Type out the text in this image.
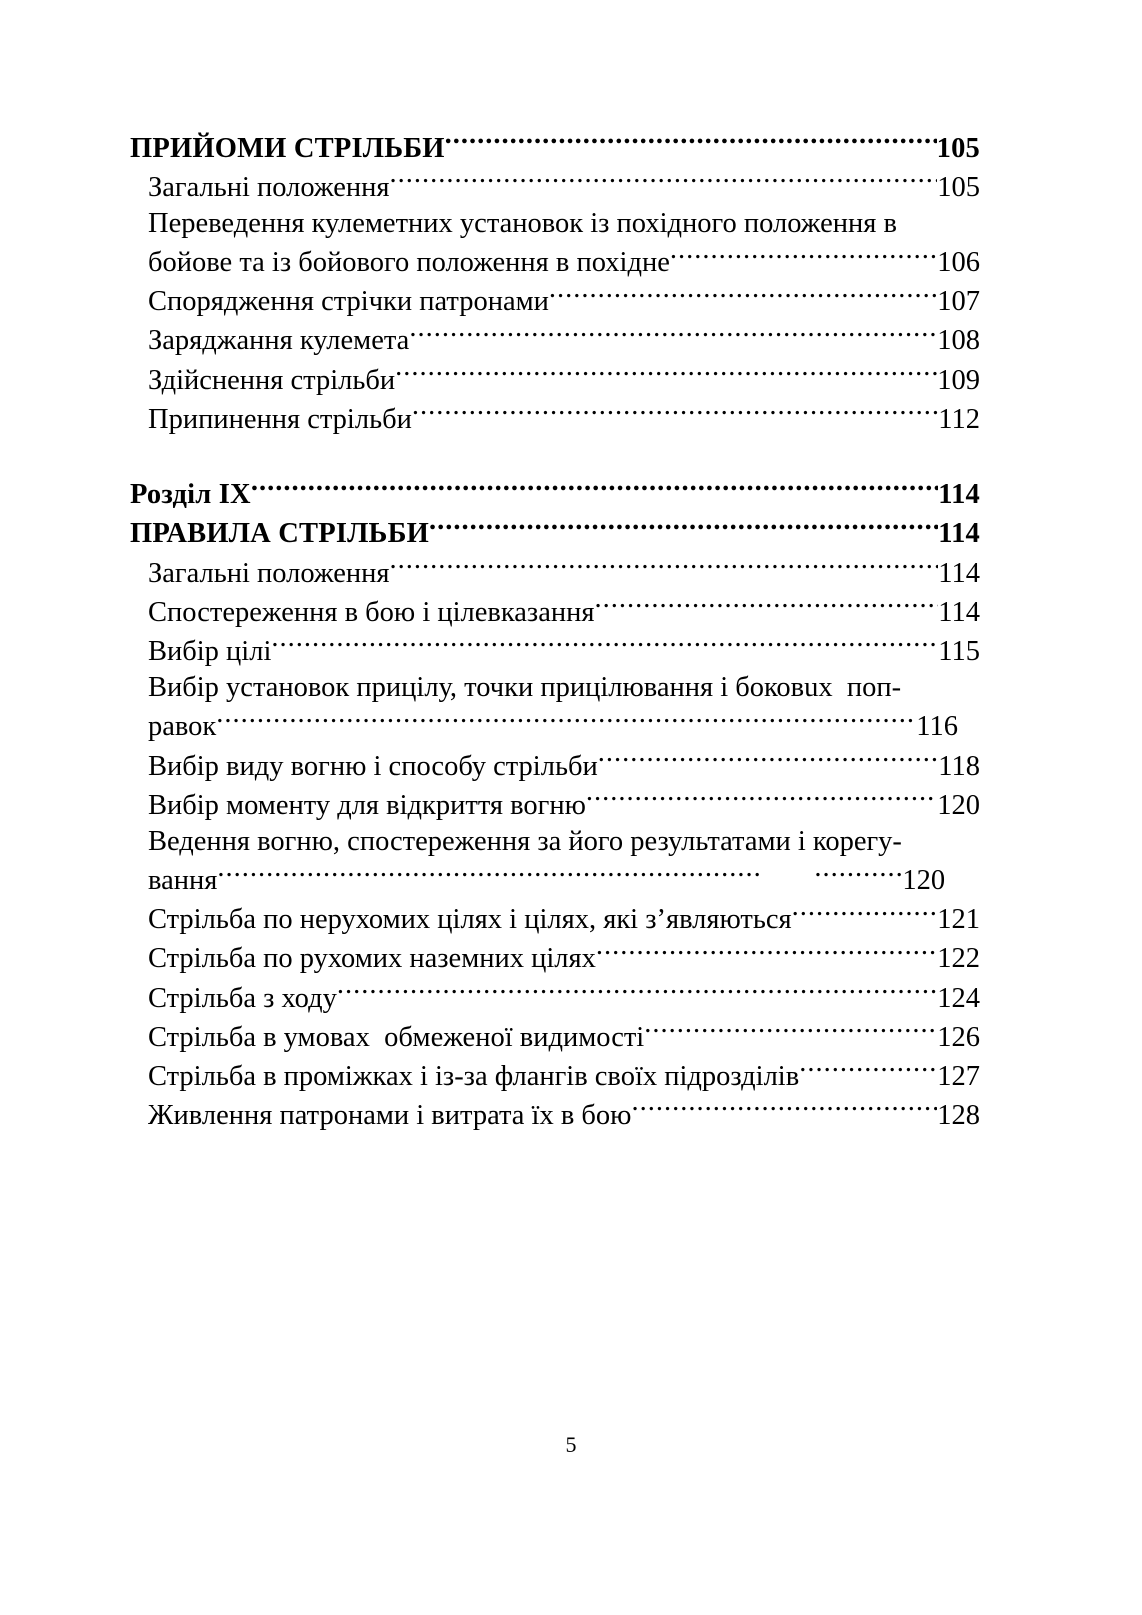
ПРИЙОМИ СТРІЛЬБИ .....	105
Загальні положення .....	105
Переведення кулеметних установок із похідного положення в
бойове та із бойового положення в похідне .....	106
Спорядження стрічки патронами .....	107
Заряджання кулемета .....	108
Здійснення стрільби .....	109
Припинення стрільби .....	112
Розділ IX .....	114
ПРАВИЛА СТРІЛЬБИ .....	114
Загальні положення .....	114
Спостереження в бою і цілевказання .....	114
Вибір цілі .....	115
Вибір установок прицілу, точки прицілювання і боковuх  поп-
равок .....	116
Вибір виду вогню і способу стрільби .....	118
Вибір моменту для відкриття вогню .....	120
Ведення вогню, спостереження за його результатами і корегу-
вання ..... .....	120
Стрільба по нерухомих цілях і цілях, які з’являються .....	121
Стрільба по рухомих наземних цілях .....	122
Стрільба з ходу .....	124
Стрільба в умовах  обмеженої видимості .....	126
Стрільба в проміжках і із-за флангів своїх підрозділів .....	127
Живлення патронами і витрата їх в бою .....	128
5
